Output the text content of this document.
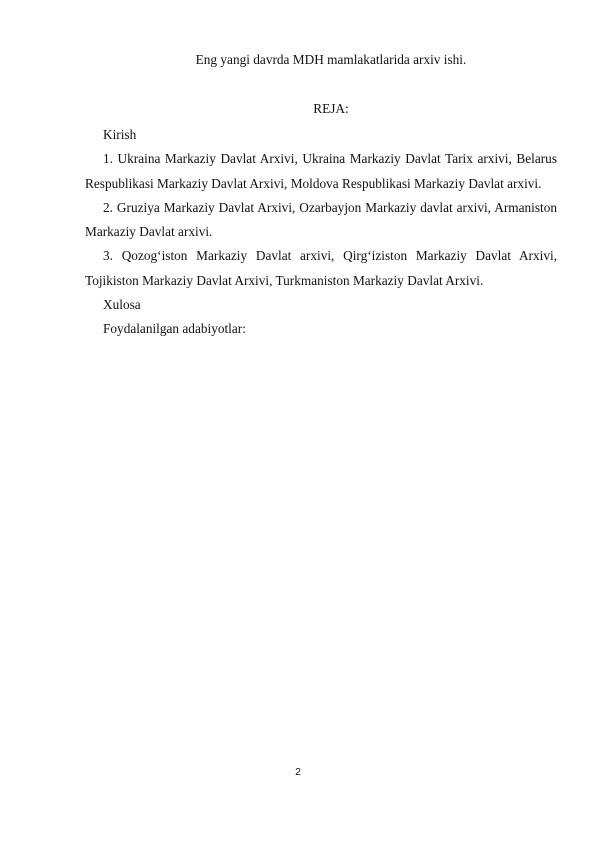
Eng yangi davrda MDH mamlakatlarida arxiv ishi.
REJA:

Kirish

1. Ukraina Markaziy Davlat Arxivi, Ukraina Markaziy Davlat Tarix arxivi, Belarus Respublikasi Markaziy Davlat Arxivi, Moldova Respublikasi Markaziy Davlat arxivi.

2. Gruziya Markaziy Davlat Arxivi, Ozarbayjon Markaziy davlat arxivi, Armaniston Markaziy Davlat arxivi.

3. Qozog‘iston Markaziy Davlat arxivi, Qirg‘iziston Markaziy Davlat Arxivi, Tojikiston Markaziy Davlat Arxivi, Turkmaniston Markaziy Davlat Arxivi.

Xulosa

Foydalanilgan adabiyotlar:

2
